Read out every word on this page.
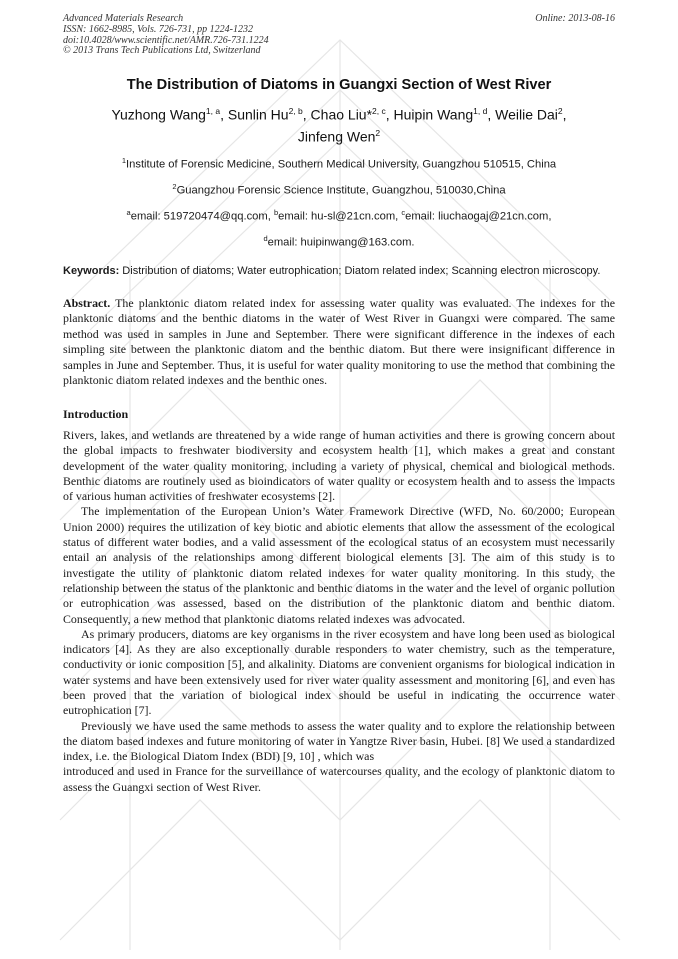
Advanced Materials Research
ISSN: 1662-8985, Vols. 726-731, pp 1224-1232
doi:10.4028/www.scientific.net/AMR.726-731.1224
© 2013 Trans Tech Publications Ltd, Switzerland
Online: 2013-08-16
The Distribution of Diatoms in Guangxi Section of West River
Yuzhong Wang$^{1, a}$, Sunlin Hu$^{2, b}$, Chao Liu*$^{2, c}$, Huipin Wang$^{1, d}$, Weilie Dai$^2$,
Jinfeng Wen$^2$
$^1$Institute of Forensic Medicine, Southern Medical University, Guangzhou 510515, China
$^2$Guangzhou Forensic Science Institute, Guangzhou, 510030,China
$^a$email: 519720474@qq.com, $^b$email: hu-sl@21cn.com, $^c$email: liuchaogaj@21cn.com,
$^d$email: huipinwang@163.com.
Keywords: Distribution of diatoms; Water eutrophication; Diatom related index; Scanning electron microscopy.
Abstract. The planktonic diatom related index for assessing water quality was evaluated. The indexes for the planktonic diatoms and the benthic diatoms in the water of West River in Guangxi were compared. The same method was used in samples in June and September. There were significant difference in the indexes of each simpling site between the planktonic diatom and the benthic diatom. But there were insignificant difference in samples in June and September. Thus, it is useful for water quality monitoring to use the method that combining the planktonic diatom related indexes and the benthic ones.
Introduction

Rivers, lakes, and wetlands are threatened by a wide range of human activities and there is growing concern about the global impacts to freshwater biodiversity and ecosystem health [1], which makes a great and constant development of the water quality monitoring, including a variety of physical, chemical and biological methods. Benthic diatoms are routinely used as bioindicators of water quality or ecosystem health and to assess the impacts of various human activities of freshwater ecosystems [2].

The implementation of the European Union’s Water Framework Directive (WFD, No. 60/2000; European Union 2000) requires the utilization of key biotic and abiotic elements that allow the assessment of the ecological status of different water bodies, and a valid assessment of the ecological status of an ecosystem must necessarily entail an analysis of the relationships among different biological elements [3]. The aim of this study is to investigate the utility of planktonic diatom related indexes for water quality monitoring. In this study, the relationship between the status of the planktonic and benthic diatoms in the water and the level of organic pollution or eutrophication was assessed, based on the distribution of the planktonic diatom and benthic diatom. Consequently, a new method that planktonic diatoms related indexes was advocated.

As primary producers, diatoms are key organisms in the river ecosystem and have long been used as biological indicators [4]. As they are also exceptionally durable responders to water chemistry, such as the temperature, conductivity or ionic composition [5], and alkalinity. Diatoms are convenient organisms for biological indication in water systems and have been extensively used for river water quality assessment and monitoring [6], and even has been proved that the variation of biological index should be useful in indicating the occurrence water eutrophication [7].

Previously we have used the same methods to assess the water quality and to explore the relationship between the diatom based indexes and future monitoring of water in Yangtze River basin, Hubei. [8] We used a standardized index, i.e. the Biological Diatom Index (BDI) [9, 10] , which was

introduced and used in France for the surveillance of watercourses quality, and the ecology of planktonic diatom to assess the Guangxi section of West River.
